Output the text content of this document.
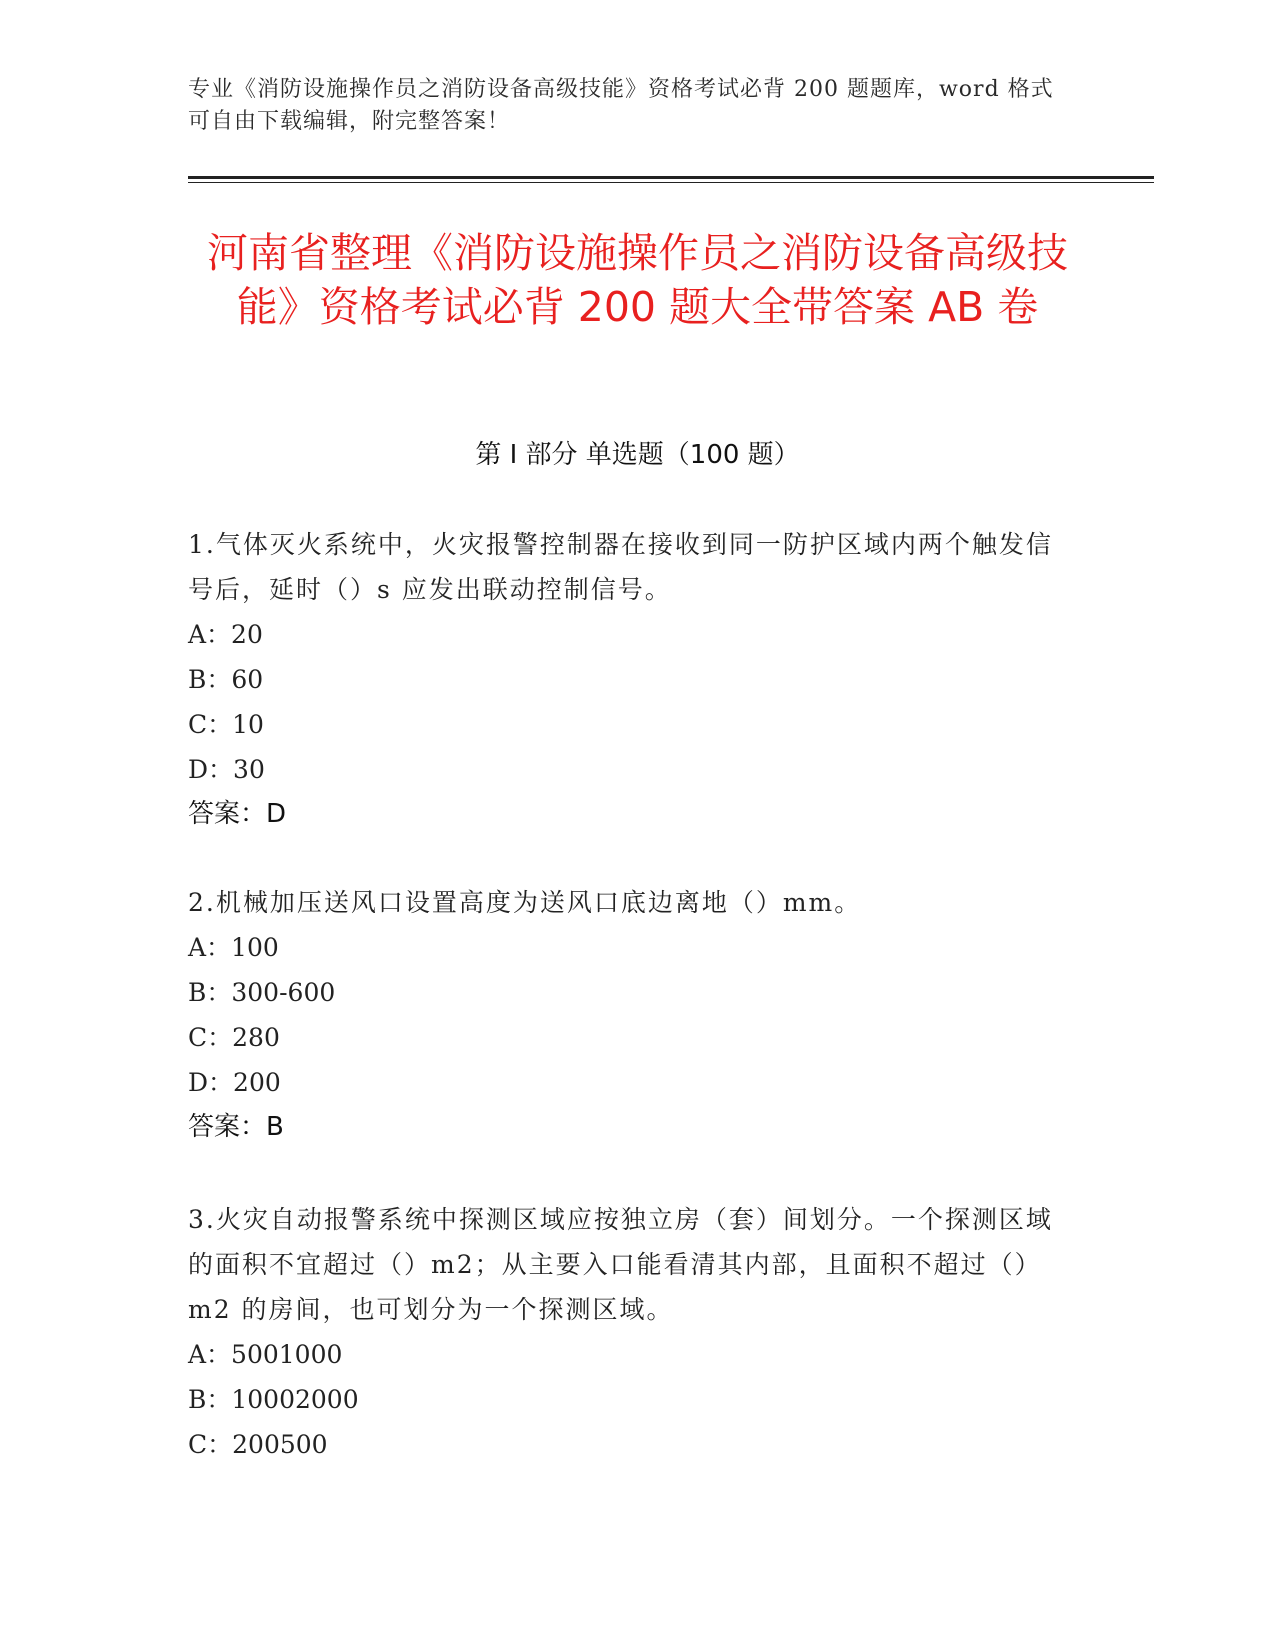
专业《消防设施操作员之消防设备高级技能》资格考试必背 200 题题库，word 格式可自由下载编辑，附完整答案！
河南省整理《消防设施操作员之消防设备高级技能》资格考试必背 200 题大全带答案 AB 卷
第 I 部分 单选题（100 题）

1.气体灭火系统中，火灾报警控制器在接收到同一防护区域内两个触发信号后，延时（）s 应发出联动控制信号。

A：20

B：60

C：10

D：30

答案：D

2.机械加压送风口设置高度为送风口底边离地（）mm。

A：100

B：300-600

C：280

D：200

答案：B

3.火灾自动报警系统中探测区域应按独立房（套）间划分。一个探测区域的面积不宜超过（）m2；从主要入口能看清其内部，且面积不超过（）m2 的房间，也可划分为一个探测区域。

A：5001000

B：10002000

C：200500
